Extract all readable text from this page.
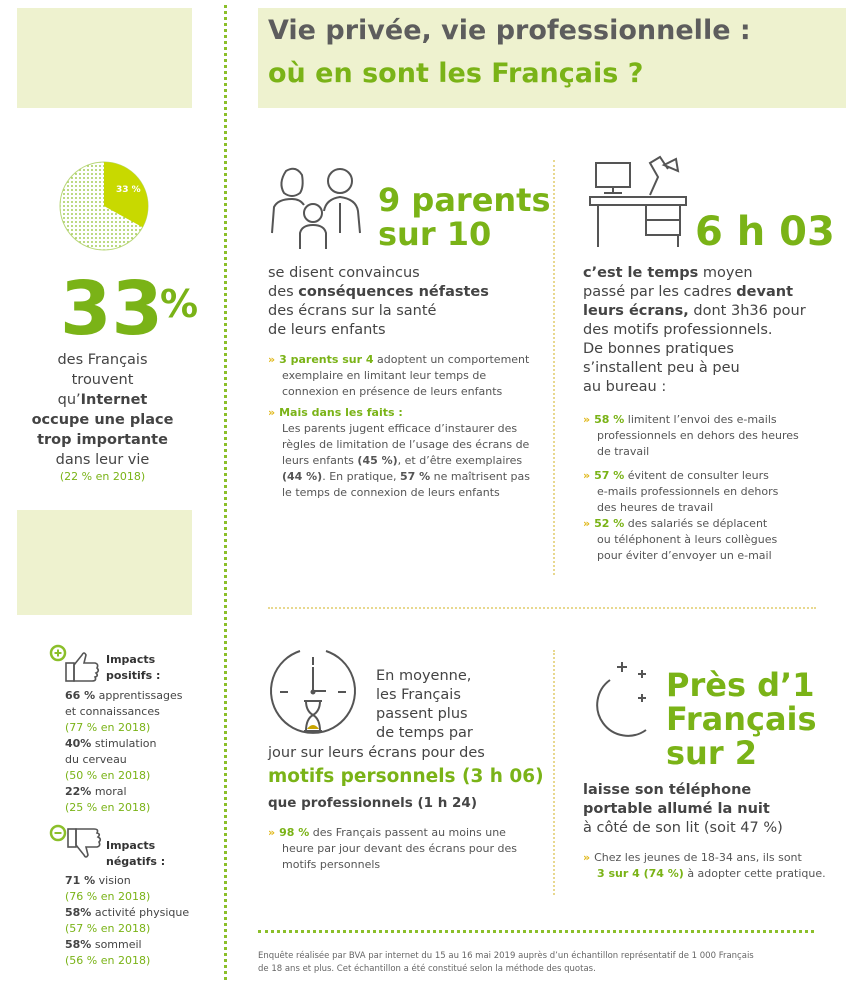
33 %
33
%
des Français
trouvent
qu’Internet
occupe une place
trop importante
dans leur vie
(22 % en 2018)
Impacts
positifs :
66 % apprentissages
et connaissances
(77 % en 2018)
40% stimulation
du cerveau
(50 % en 2018)
22% moral
(25 % en 2018)
Impacts
négatifs :
71 % vision
(76 % en 2018)
58% activité physique
(57 % en 2018)
58% sommeil
(56 % en 2018)
Vie privée, vie professionnelle :
où en sont les Français ?
9 parents
sur 10
se disent convaincus
des conséquences néfastes
des écrans sur la santé
de leurs enfants
» 3 parents sur 4 adoptent un comportement
exemplaire en limitant leur temps de
connexion en présence de leurs enfants
» Mais dans les faits :
Les parents jugent efficace d’instaurer des
règles de limitation de l’usage des écrans de
leurs enfants (45 %), et d’être exemplaires
(44 %). En pratique, 57 % ne maîtrisent pas
le temps de connexion de leurs enfants
6 h 03
c’est le temps moyen
passé par les cadres devant
leurs écrans, dont 3h36 pour
des motifs professionnels.
De bonnes pratiques
s’installent peu à peu
au bureau :
» 58 % limitent l’envoi des e-mails
professionnels en dehors des heures
de travail
» 57 % évitent de consulter leurs
e-mails professionnels en dehors
des heures de travail
» 52 % des salariés se déplacent
ou téléphonent à leurs collègues
pour éviter d’envoyer un e-mail
En moyenne,
les Français
passent plus
de temps par
jour sur leurs écrans pour des
motifs personnels (3 h 06)
que professionnels (1 h 24)
» 98 % des Français passent au moins une
heure par jour devant des écrans pour des
motifs personnels
Près d’1
Français
sur 2
laisse son téléphone
portable allumé la nuit
à côté de son lit (soit 47 %)
» Chez les jeunes de 18-34 ans, ils sont
3 sur 4 (74 %) à adopter cette pratique.
Enquête réalisée par BVA par internet du 15 au 16 mai 2019 auprès d’un échantillon représentatif de 1 000 Français
de 18 ans et plus. Cet échantillon a été constitué selon la méthode des quotas.
